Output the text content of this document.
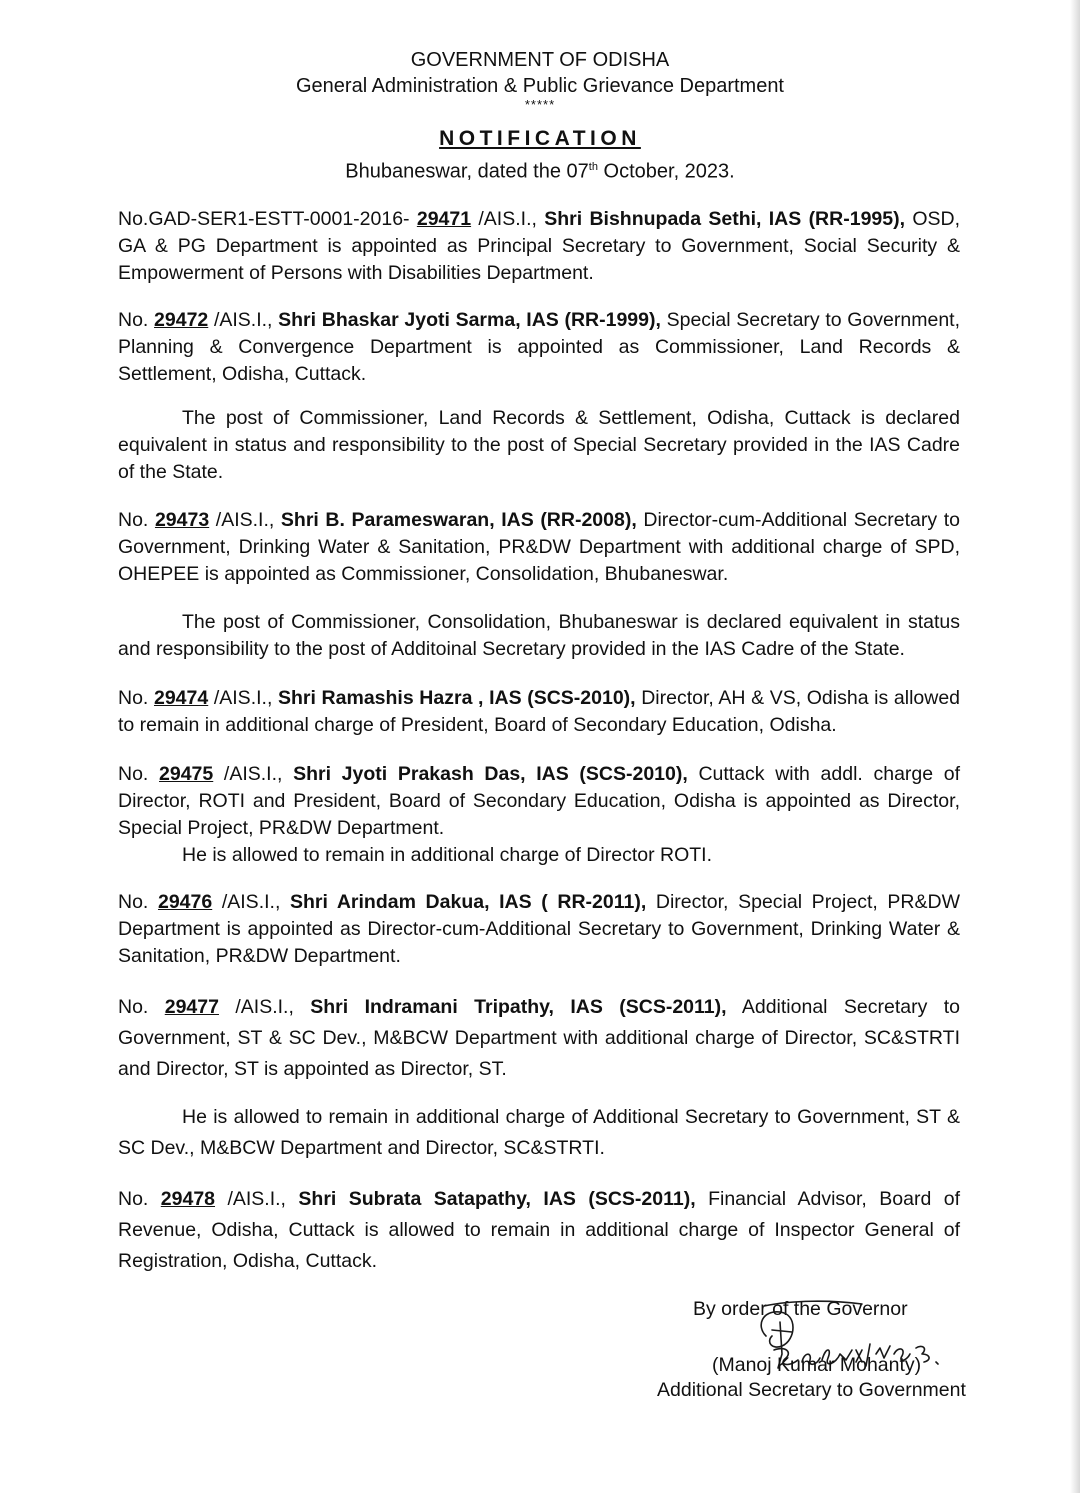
GOVERNMENT OF ODISHA
General Administration & Public Grievance Department
*****
NOTIFICATION
Bhubaneswar, dated the 07th October, 2023.
No.GAD-SER1-ESTT-0001-2016- 29471 /AIS.I., Shri Bishnupada Sethi, IAS (RR-1995), OSD, GA & PG Department is appointed as Principal Secretary to Government, Social Security & Empowerment of Persons with Disabilities Department.
No. 29472 /AIS.I., Shri Bhaskar Jyoti Sarma, IAS (RR-1999), Special Secretary to Government, Planning & Convergence Department is appointed as Commissioner, Land Records & Settlement, Odisha, Cuttack.
The post of Commissioner, Land Records & Settlement, Odisha, Cuttack is declared equivalent in status and responsibility to the post of Special Secretary provided in the IAS Cadre of the State.
No. 29473 /AIS.I., Shri B. Parameswaran, IAS (RR-2008), Director-cum-Additional Secretary to Government, Drinking Water & Sanitation, PR&DW Department with additional charge of SPD, OHEPEE is appointed as Commissioner, Consolidation, Bhubaneswar.
The post of Commissioner, Consolidation, Bhubaneswar is declared equivalent in status and responsibility to the post of Additoinal Secretary provided in the IAS Cadre of the State.
No. 29474 /AIS.I., Shri Ramashis Hazra , IAS (SCS-2010), Director, AH & VS, Odisha is allowed to remain in additional charge of President, Board of Secondary Education, Odisha.
No. 29475 /AIS.I., Shri Jyoti Prakash Das, IAS (SCS-2010), Cuttack with addl. charge of Director, ROTI and President, Board of Secondary Education, Odisha is appointed as Director, Special Project, PR&DW Department.
He is allowed to remain in additional charge of Director ROTI.
No. 29476 /AIS.I., Shri Arindam Dakua, IAS ( RR-2011), Director, Special Project, PR&DW Department is appointed as Director-cum-Additional Secretary to Government, Drinking Water & Sanitation, PR&DW Department.
No. 29477 /AIS.I., Shri Indramani Tripathy, IAS (SCS-2011), Additional Secretary to Government, ST & SC Dev., M&BCW Department with additional charge of Director, SC&STRTI and Director, ST is appointed as Director, ST.
He is allowed to remain in additional charge of Additional Secretary to Government, ST & SC Dev., M&BCW Department and Director, SC&STRTI.
No. 29478 /AIS.I., Shri Subrata Satapathy, IAS (SCS-2011), Financial Advisor, Board of Revenue, Odisha, Cuttack is allowed to remain in additional charge of Inspector General of Registration, Odisha, Cuttack.
By order of the Governor
(Manoj Kumar Mohanty)
Additional Secretary to Government
